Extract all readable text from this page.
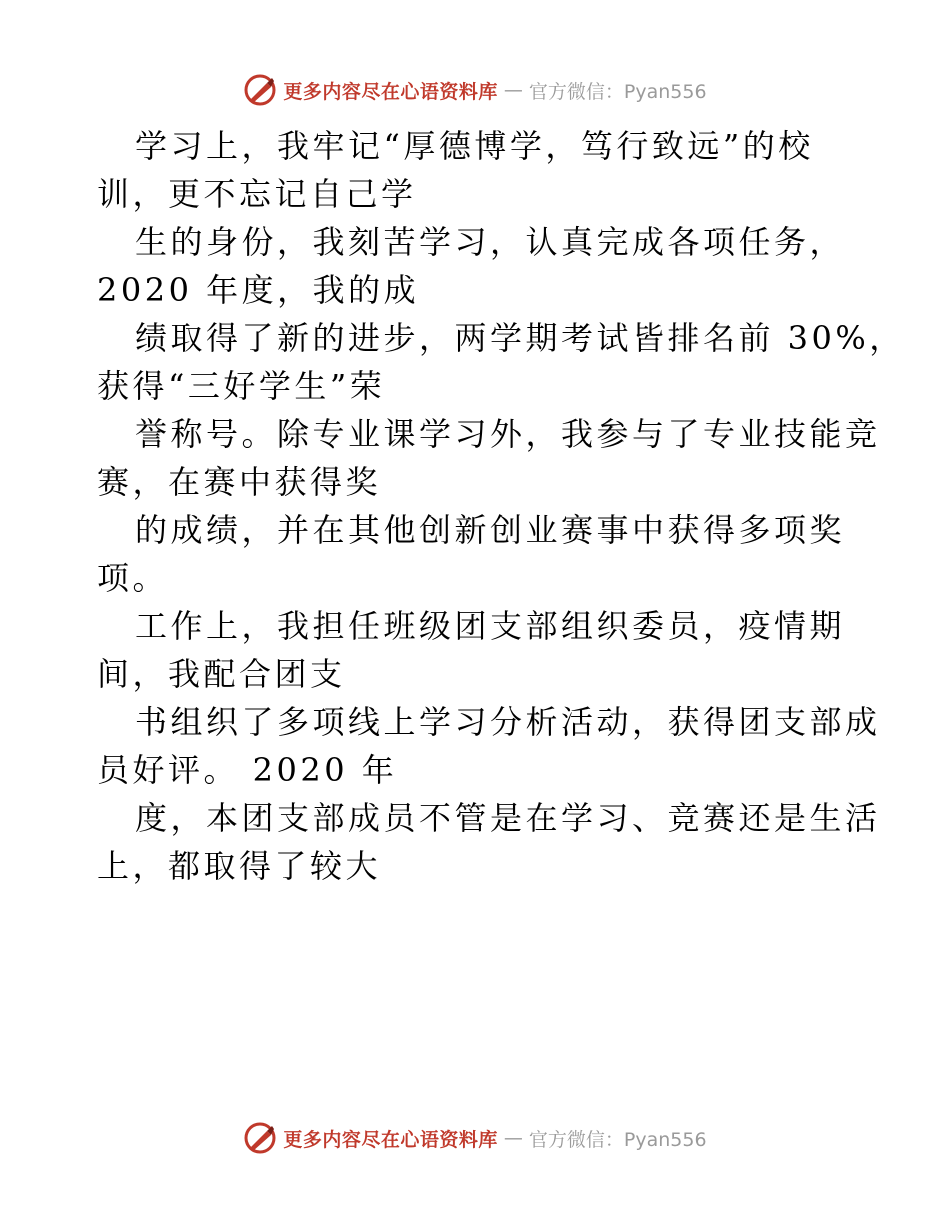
更多内容尽在心语资料库 — 官方微信：Pyan556
学习上，我牢记“厚德博学，笃行致远”的校
训，更不忘记自己学
生的身份，我刻苦学习，认真完成各项任务，
2020 年度，我的成
绩取得了新的进步，两学期考试皆排名前 30%，
获得“三好学生”荣
誉称号。除专业课学习外，我参与了专业技能竞
赛，在赛中获得奖
的成绩，并在其他创新创业赛事中获得多项奖
项。
工作上，我担任班级团支部组织委员，疫情期
间，我配合团支
书组织了多项线上学习分析活动，获得团支部成
员好评。 2020 年
度，本团支部成员不管是在学习、竞赛还是生活
上，都取得了较大
更多内容尽在心语资料库 — 官方微信：Pyan556
